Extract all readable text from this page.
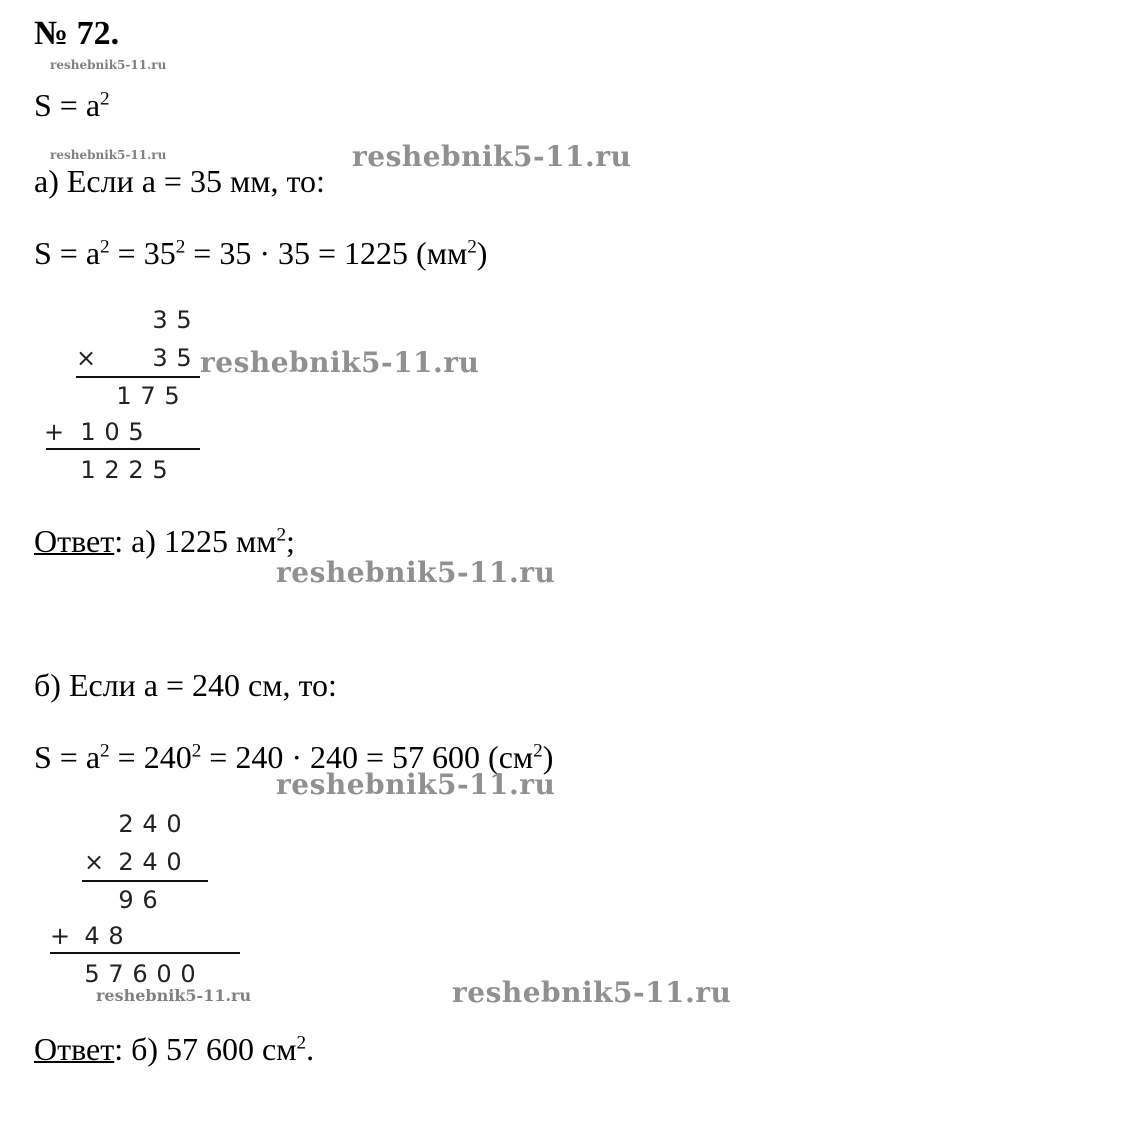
№ 72.
reshebnik5-11.ru
$S = a^2$
reshebnik5-11.ru	reshebnik5-11.ru
а) Если а = 35 мм, то:
$S = a^2 = 35^2 = 35 \cdot 35 = 1225$ $(мм^2)$
3 5
× 3 5
1 7 5
+ 1 0 5
1 2 2 5
reshebnik5-11.ru
Ответ: а) 1225 $мм^2$;
reshebnik5-11.ru
б) Если а = 240 см, то:
$S = a^2 = 240^2 = 240 \cdot 240 = 57$ 600 $(см^2)$
reshebnik5-11.ru
2 4 0
× 2 4 0
9 6
+ 4 8
5 7 6 0 0
reshebnik5-11.ru	reshebnik5-11.ru
Ответ: б) 57 600 $см^2$.
